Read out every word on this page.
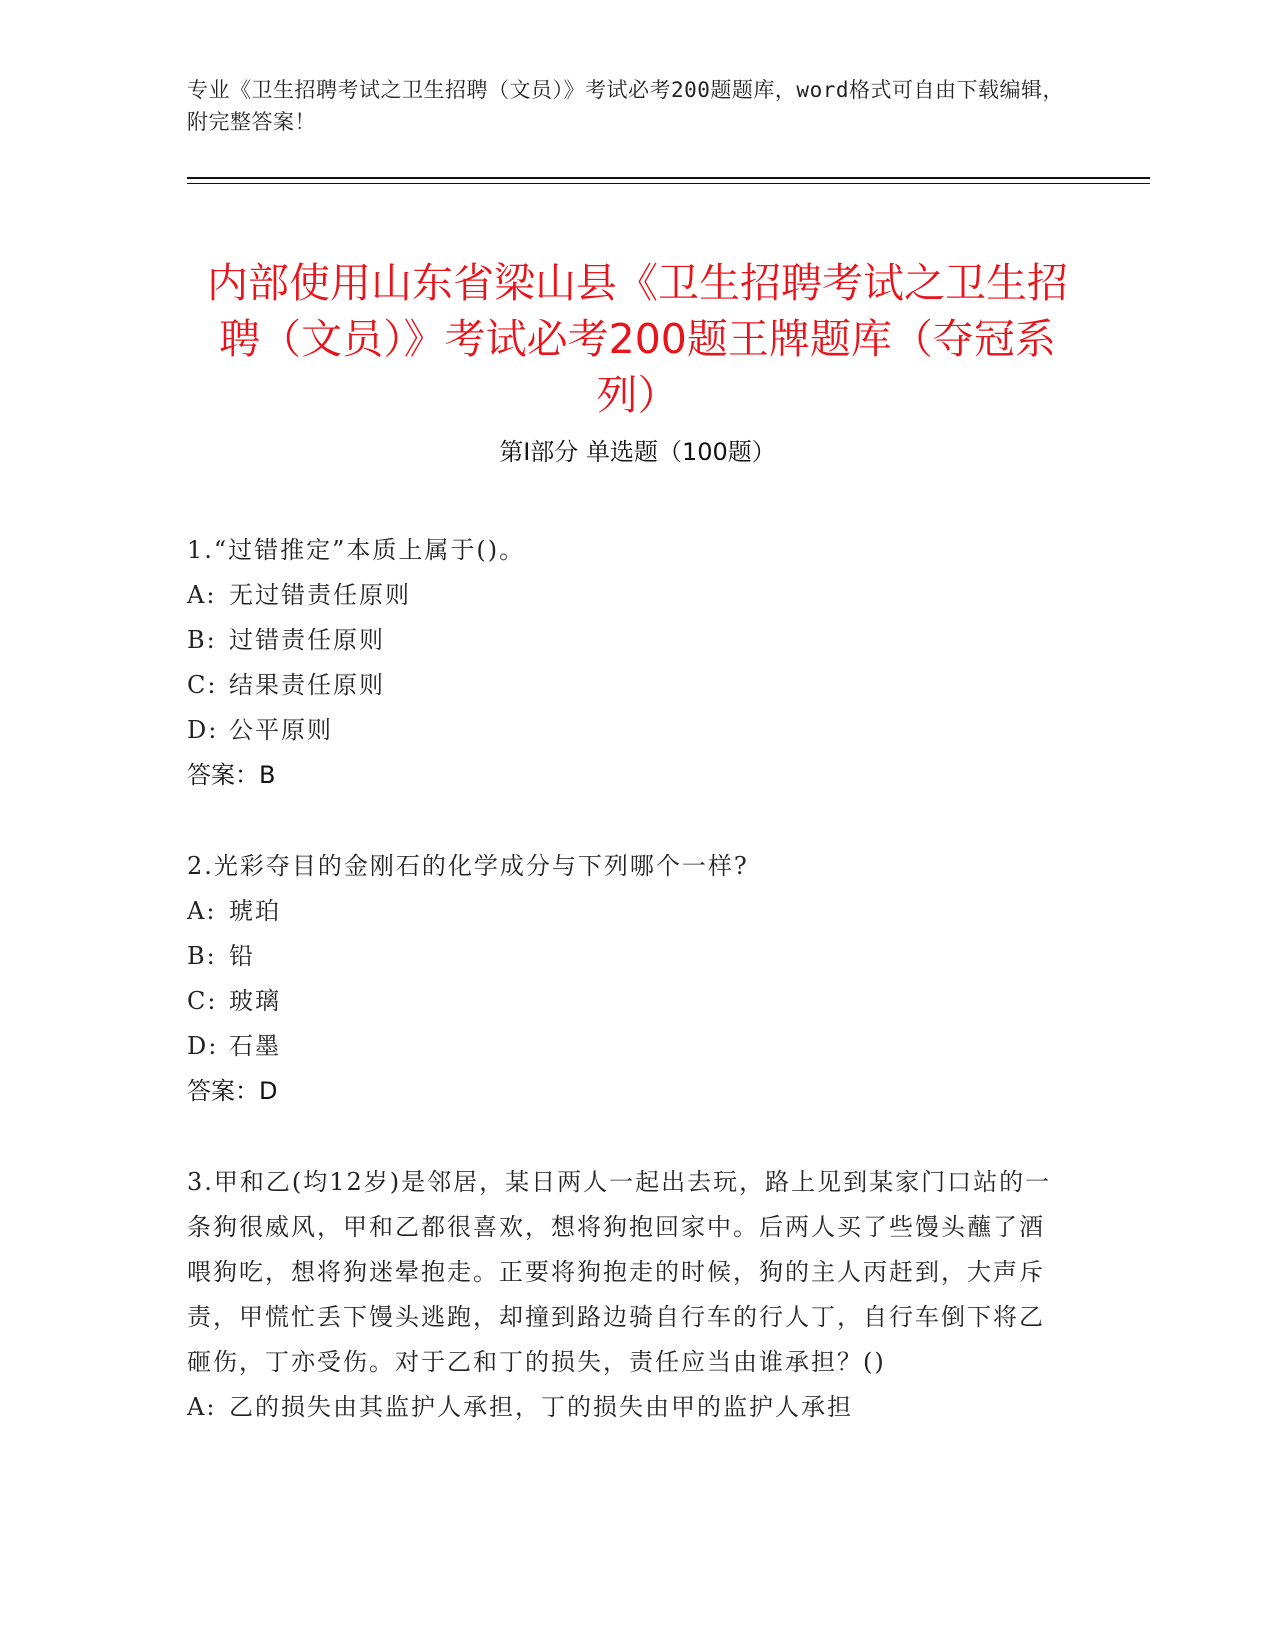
专业《卫生招聘考试之卫生招聘（文员）》考试必考200题题库，word格式可自由下载编辑，附完整答案！
内部使用山东省梁山县《卫生招聘考试之卫生招聘（文员）》考试必考200题王牌题库（夺冠系列）
第Ⅰ部分 单选题（100题）
1.“过错推定”本质上属于()。
A: 无过错责任原则
B: 过错责任原则
C: 结果责任原则
D: 公平原则
答案：B
2.光彩夺目的金刚石的化学成分与下列哪个一样?
A: 琥珀
B: 铅
C: 玻璃
D: 石墨
答案：D
3.甲和乙(均12岁)是邻居，某日两人一起出去玩，路上见到某家门口站的一条狗很威风，甲和乙都很喜欢，想将狗抱回家中。后两人买了些馒头蘸了酒喂狗吃，想将狗迷晕抱走。正要将狗抱走的时候，狗的主人丙赶到，大声斥责，甲慌忙丢下馒头逃跑，却撞到路边骑自行车的行人丁，自行车倒下将乙砸伤，丁亦受伤。对于乙和丁的损失，责任应当由谁承担？()
A: 乙的损失由其监护人承担，丁的损失由甲的监护人承担
